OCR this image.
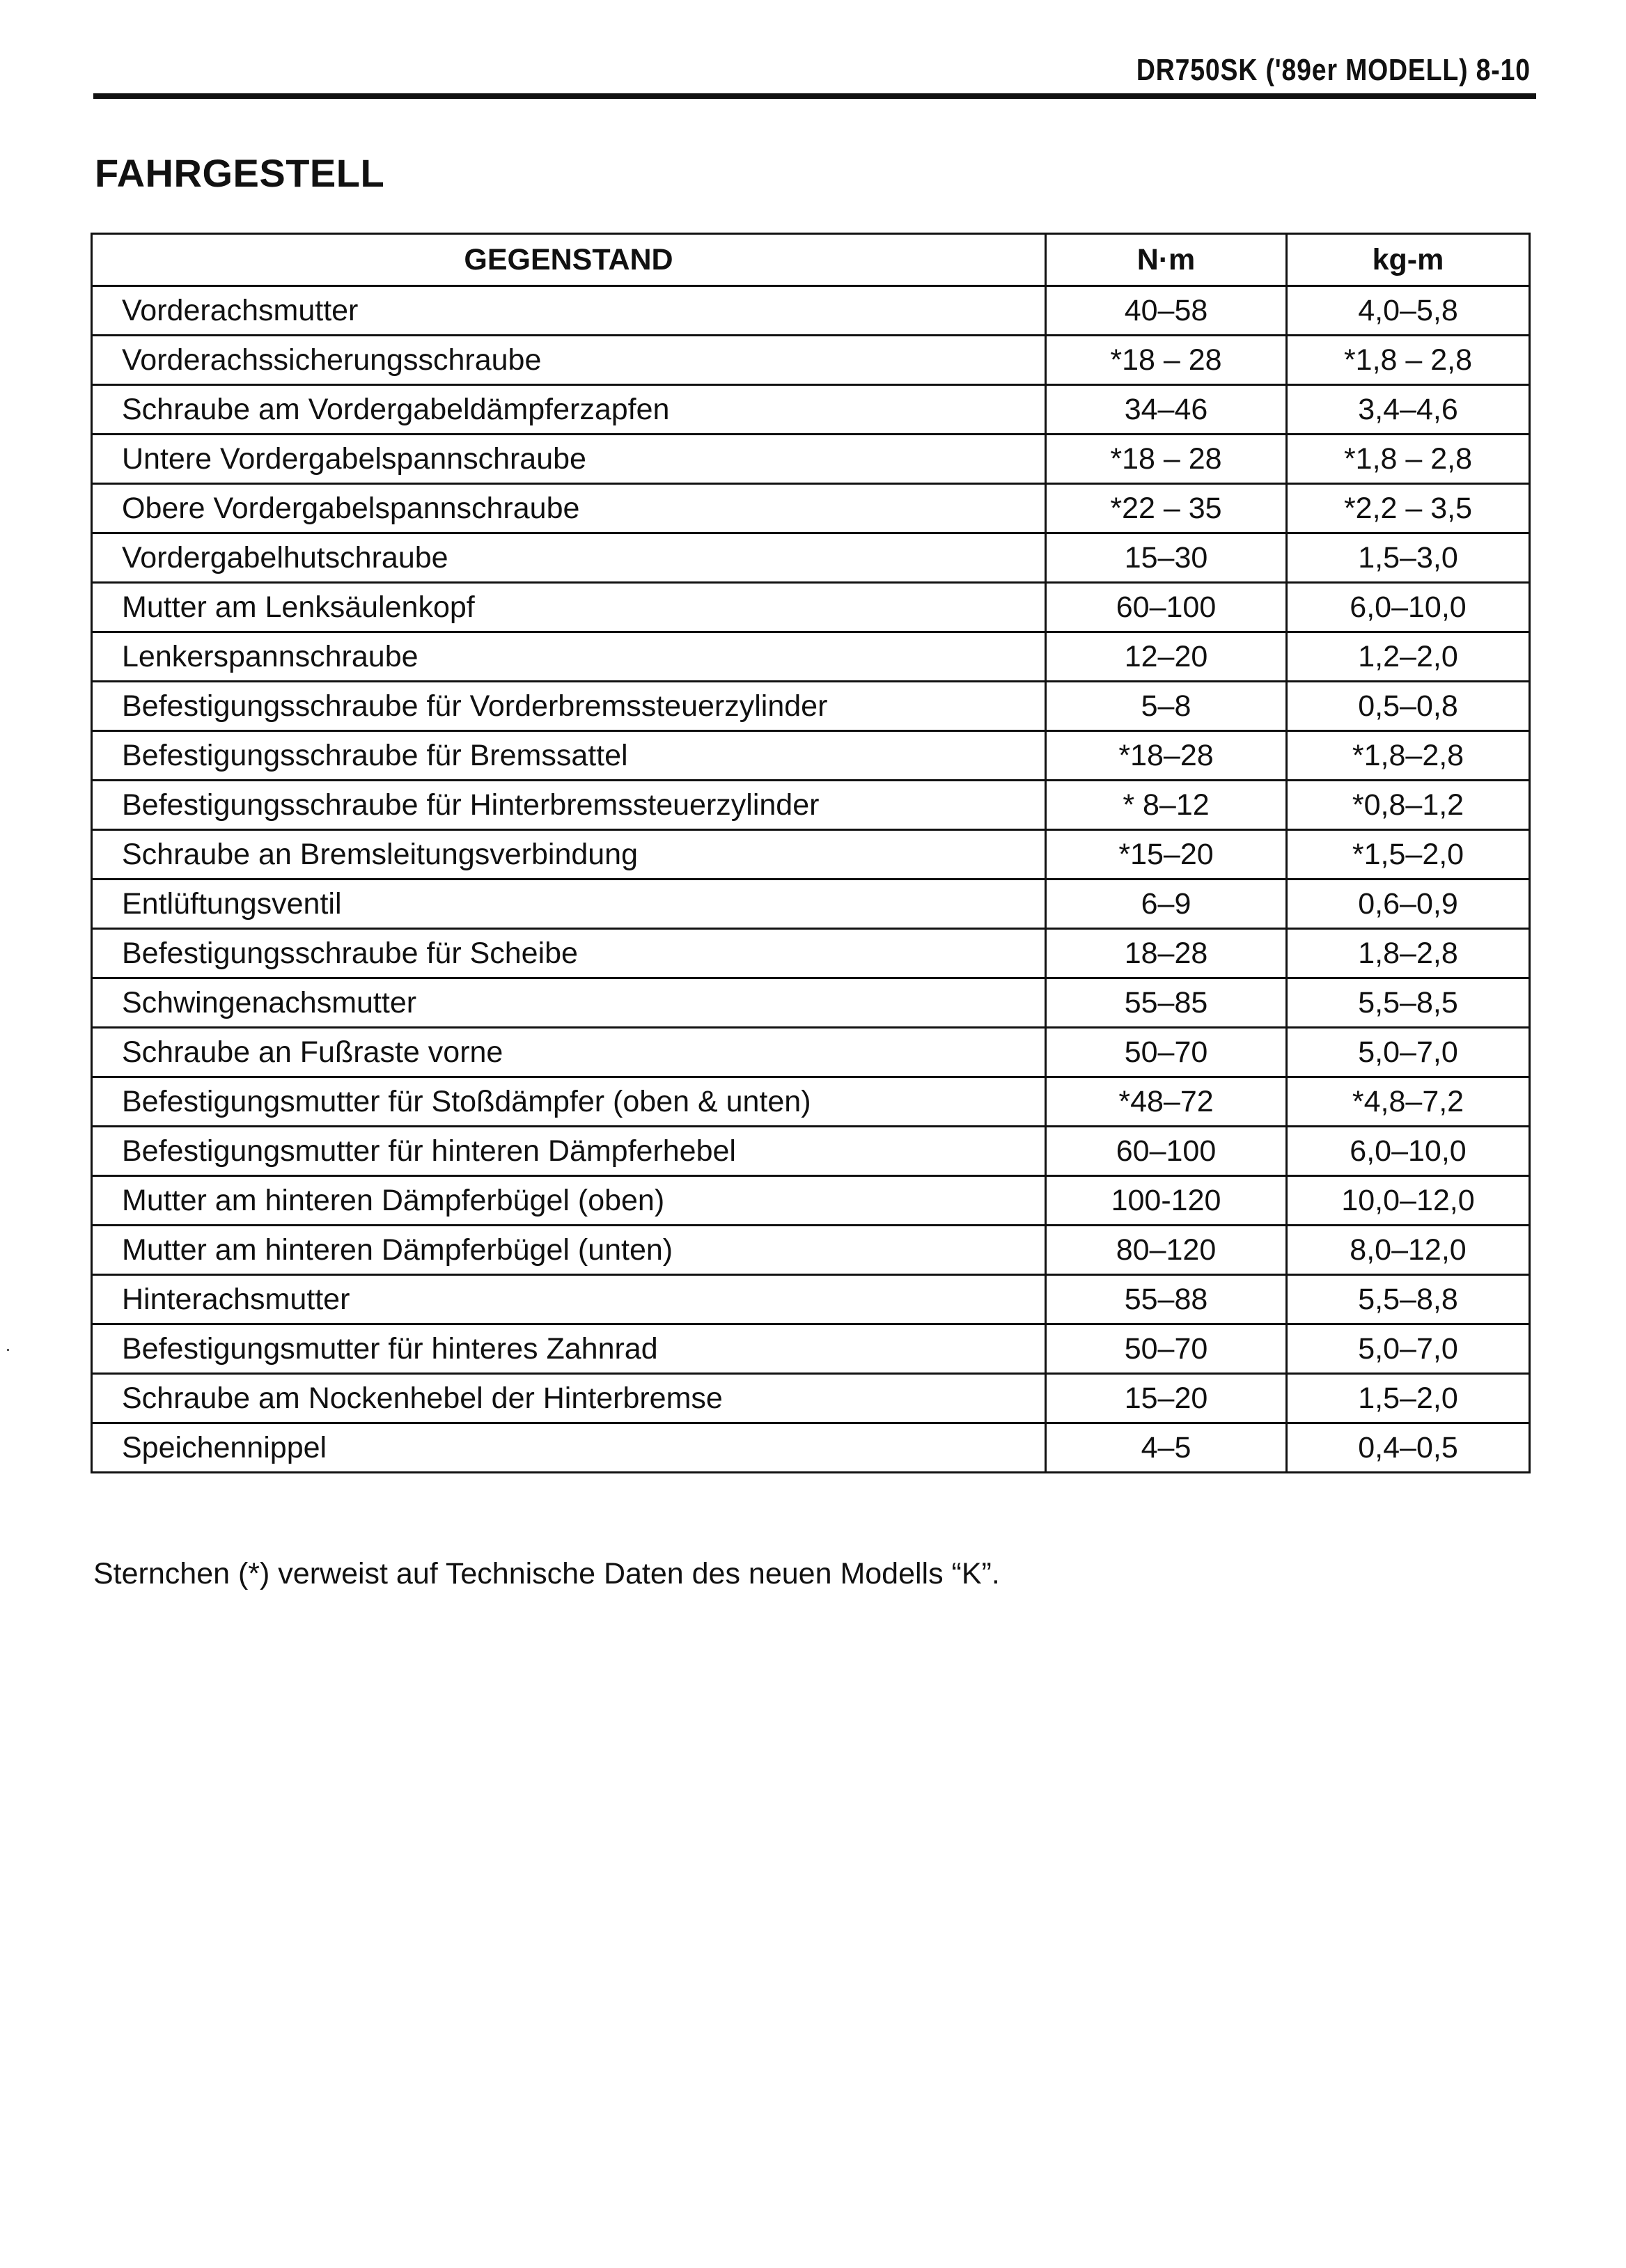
DR750SK ('89er MODELL) 8-10
FAHRGESTELL
GEGENSTAND	N·m	kg-m
Vorderachsmutter	40–58	4,0–5,8
Vorderachssicherungsschraube	*18 – 28	*1,8 – 2,8
Schraube am Vordergabeldämpferzapfen	34–46	3,4–4,6
Untere Vordergabelspannschraube	*18 – 28	*1,8 – 2,8
Obere Vordergabelspannschraube	*22 – 35	*2,2 – 3,5
Vordergabelhutschraube	15–30	1,5–3,0
Mutter am Lenksäulenkopf	60–100	6,0–10,0
Lenkerspannschraube	12–20	1,2–2,0
Befestigungsschraube für Vorderbremssteuerzylinder	5–8	0,5–0,8
Befestigungsschraube für Bremssattel	*18–28	*1,8–2,8
Befestigungsschraube für Hinterbremssteuerzylinder	* 8–12	*0,8–1,2
Schraube an Bremsleitungsverbindung	*15–20	*1,5–2,0
Entlüftungsventil	6–9	0,6–0,9
Befestigungsschraube für Scheibe	18–28	1,8–2,8
Schwingenachsmutter	55–85	5,5–8,5
Schraube an Fußraste vorne	50–70	5,0–7,0
Befestigungsmutter für Stoßdämpfer (oben & unten)	*48–72	*4,8–7,2
Befestigungsmutter für hinteren Dämpferhebel	60–100	6,0–10,0
Mutter am hinteren Dämpferbügel (oben)	100-120	10,0–12,0
Mutter am hinteren Dämpferbügel (unten)	80–120	8,0–12,0
Hinterachsmutter	55–88	5,5–8,8
Befestigungsmutter für hinteres Zahnrad	50–70	5,0–7,0
Schraube am Nockenhebel der Hinterbremse	15–20	1,5–2,0
Speichennippel	4–5	0,4–0,5
Sternchen (*) verweist auf Technische Daten des neuen Modells “K”.
